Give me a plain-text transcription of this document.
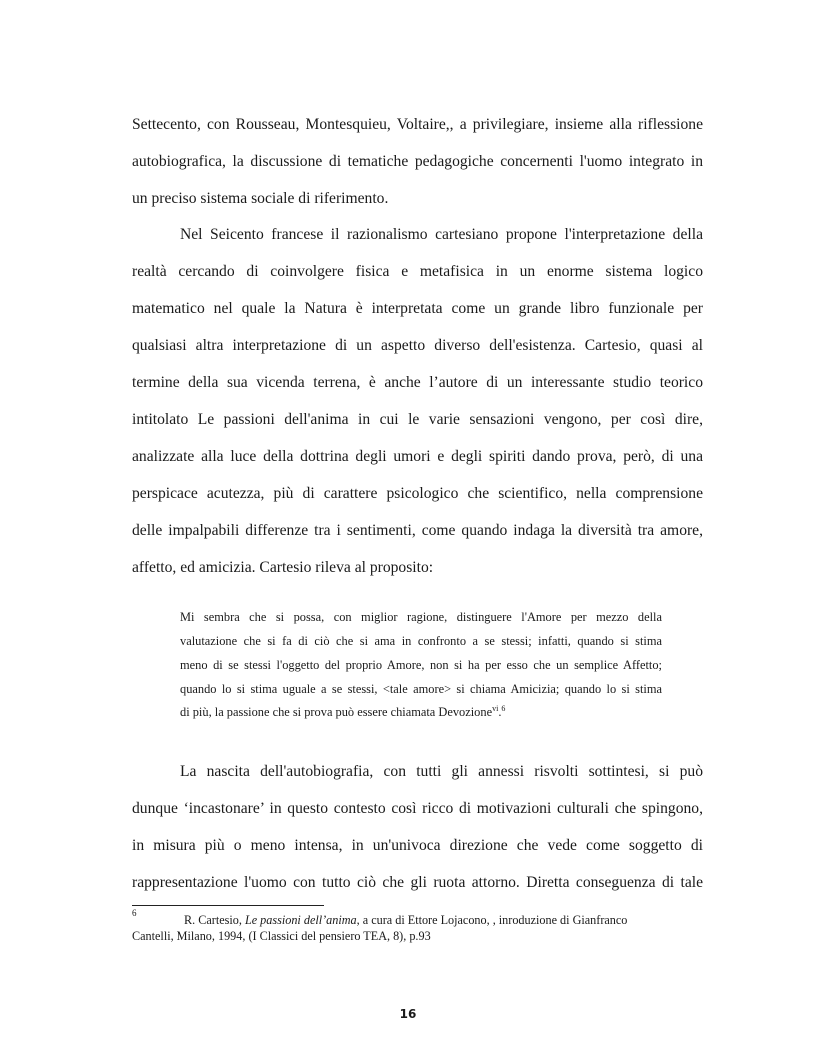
Settecento, con Rousseau, Montesquieu, Voltaire,, a privilegiare, insieme alla riflessione
autobiografica, la discussione di tematiche pedagogiche concernenti l'uomo integrato in
un preciso sistema sociale di riferimento.
Nel Seicento francese il razionalismo cartesiano propone l'interpretazione della
realtà cercando di coinvolgere fisica e metafisica in un enorme sistema logico
matematico nel quale la Natura è interpretata come un grande libro funzionale per
qualsiasi altra interpretazione di un aspetto diverso dell'esistenza. Cartesio, quasi al
termine della sua vicenda terrena, è anche l’autore di un interessante studio teorico
intitolato Le passioni dell'anima in cui le varie sensazioni vengono, per così dire,
analizzate alla luce della dottrina degli umori e degli spiriti dando prova, però, di una
perspicace acutezza, più di carattere psicologico che scientifico, nella comprensione
delle impalpabili differenze tra i sentimenti, come quando indaga la diversità tra amore,
affetto, ed amicizia. Cartesio rileva al proposito:
Mi sembra che si possa, con miglior ragione, distinguere l'Amore per mezzo della
valutazione che si fa di ciò che si ama in confronto a se stessi; infatti, quando si stima
meno di se stessi l'oggetto del proprio Amore, non si ha per esso che un semplice Affetto;
quando lo si stima uguale a se stessi, <tale amore> si chiama Amicizia; quando lo si stima
di più, la passione che si prova può essere chiamata Devozione$^{vi}$.$^6$
La nascita dell'autobiografia, con tutti gli annessi risvolti sottintesi, si può
dunque ‘incastonare’ in questo contesto così ricco di motivazioni culturali che spingono,
in misura più o meno intensa, in un'univoca direzione che vede come soggetto di
rappresentazione l'uomo con tutto ciò che gli ruota attorno. Diretta conseguenza di tale
6	R. Cartesio, Le passioni dell’anima, a cura di Ettore Lojacono, , inroduzione di Gianfranco
Cantelli, Milano, 1994, (I Classici del pensiero TEA, 8), p.93
16
